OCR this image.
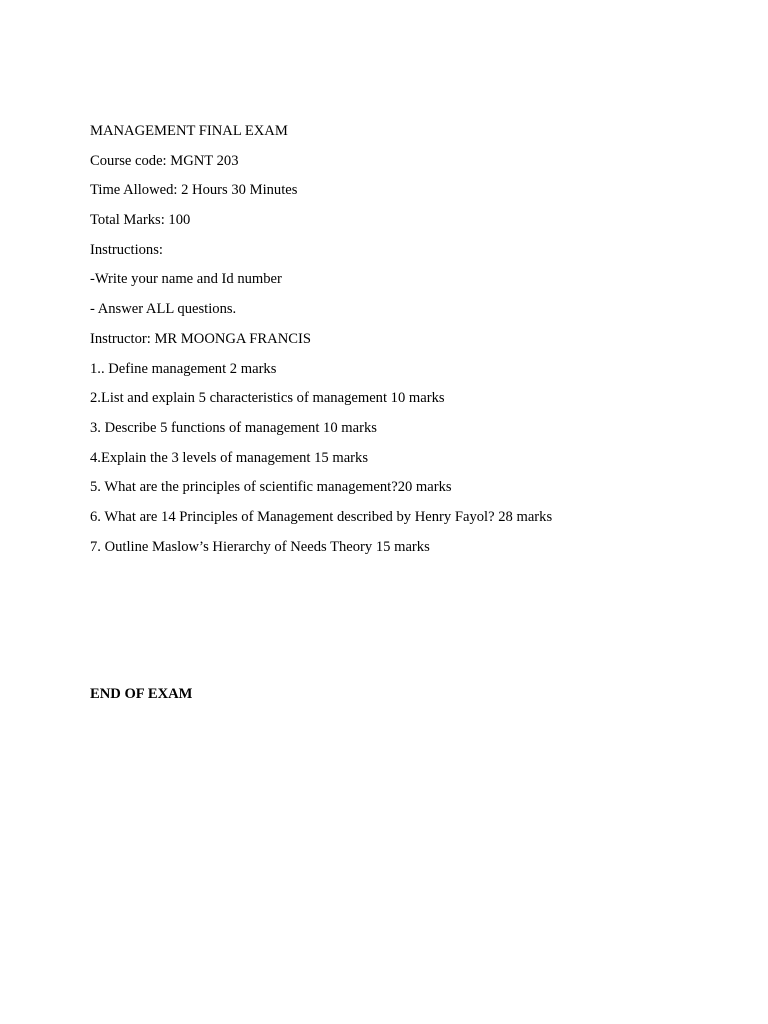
MANAGEMENT FINAL EXAM
Course code: MGNT 203
Time Allowed: 2 Hours 30 Minutes
Total Marks: 100
Instructions:
-Write your name and Id number
- Answer ALL questions.
Instructor: MR MOONGA FRANCIS
1.. Define management 2 marks
2.List and explain 5 characteristics of management 10 marks
3. Describe 5 functions of management 10 marks
4.Explain the 3 levels of management 15 marks
5. What are the principles of scientific management?20 marks
6. What are 14 Principles of Management described by Henry Fayol? 28 marks
7. Outline Maslow’s Hierarchy of Needs Theory 15 marks
END OF EXAM
